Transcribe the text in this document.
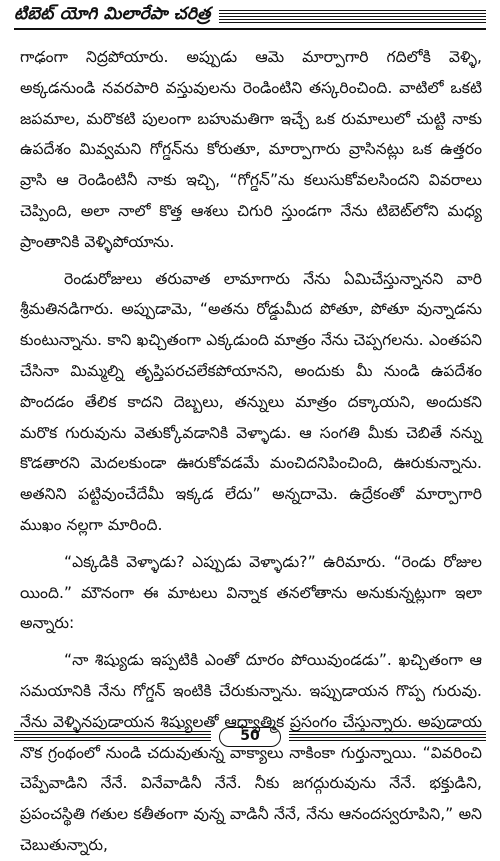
టిబెట్ యోగి మిలారేపా చరిత్ర

గాఢంగా నిద్రపోయారు. అప్పుడు ఆమె మార్పాగారి గదిలోకి వెళ్ళి, అక్కడనుండి నవరపారి వస్తువులను రెండింటిని తస్కరించింది. వాటిలో ఒకటి జపమాల, మరొకటి పులంగా బహుమతిగా ఇచ్చే ఒక రుమాలులో చుట్టి నాకు ఉపదేశం మివ్వమని గోగ్డన్‌ను కోరుతూ, మార్పాగారు వ్రాసినట్లు ఒక ఉత్తరం వ్రాసి ఆ రెండింటినీ నాకు ఇచ్చి, “గోగ్డన్”ను కలుసుకోవలసిందని వివరాలు చెప్పింది, అలా నాలో కొత్త ఆశలు చిగురి స్తుండగా నేను టిబెట్‌లోని మధ్య ప్రాంతానికి వెళ్ళిపోయాను.

రెండురోజులు తరువాత లామాగారు నేను ఏమిచేస్తున్నానని వారి శ్రీమతినడిగారు. అప్పుడామె, “అతను రోడ్డుమీద పోతూ, పోతూ వున్నాడను కుంటున్నాను. కాని ఖచ్చితంగా ఎక్కడుంది మాత్రం నేను చెప్పగలను. ఎంతపని చేసినా మిమ్మల్ని తృప్తిపరచలేకపోయానని, అందుకు మీ నుండి ఉపదేశం పొందడం తేలిక కాదని దెబ్బలు, తన్నులు మాత్రం దక్కాయని, అందుకని మరొక గురువును వెతుక్కోవడానికి వెళ్ళాడు. ఆ సంగతి మీకు చెబితే నన్ను కొడతారని మెదలకుండా ఊరుకోవడమే మంచిదనిపించింది, ఊరుకున్నాను. అతనిని పట్టివుంచేదేమీ ఇక్కడ లేదు” అన్నదామె. ఉద్రేకంతో మార్పాగారి ముఖం నల్లగా మారింది.

“ఎక్కడికి వెళ్ళాడు? ఎప్పుడు వెళ్ళాడు?” ఉరిమారు. “రెండు రోజుల యింది.” మౌనంగా ఈ మాటలు విన్నాక తనలోతాను అనుకున్నట్లుగా ఇలా అన్నారు:

“నా శిష్యుడు ఇప్పటికి ఎంతో దూరం పోయివుండడు”. ఖచ్చితంగా ఆ సమయానికి నేను గోగ్డన్ ఇంటికి చేరుకున్నాను. ఇప్పుడాయన గొప్ప గురువు. నేను వెళ్ళినపుడాయన శిష్యులతో ఆధ్యాత్మిక ప్రసంగం చేస్తున్నారు. అపుడాయ నొక గ్రంథంలో నుండి చదువుతున్న వాక్యాలు నాకింకా గుర్తున్నాయి. “వివరించి చెప్పేవాడిని నేనే. వినేవాడినీ నేనే. నీకు జగద్గురువును నేనే. భక్తుడిని, ప్రపంచస్థితి గతుల కతీతంగా వున్న వాడినీ నేనే, నేను ఆనందస్వరూపిని,” అని చెబుతున్నారు,

50
